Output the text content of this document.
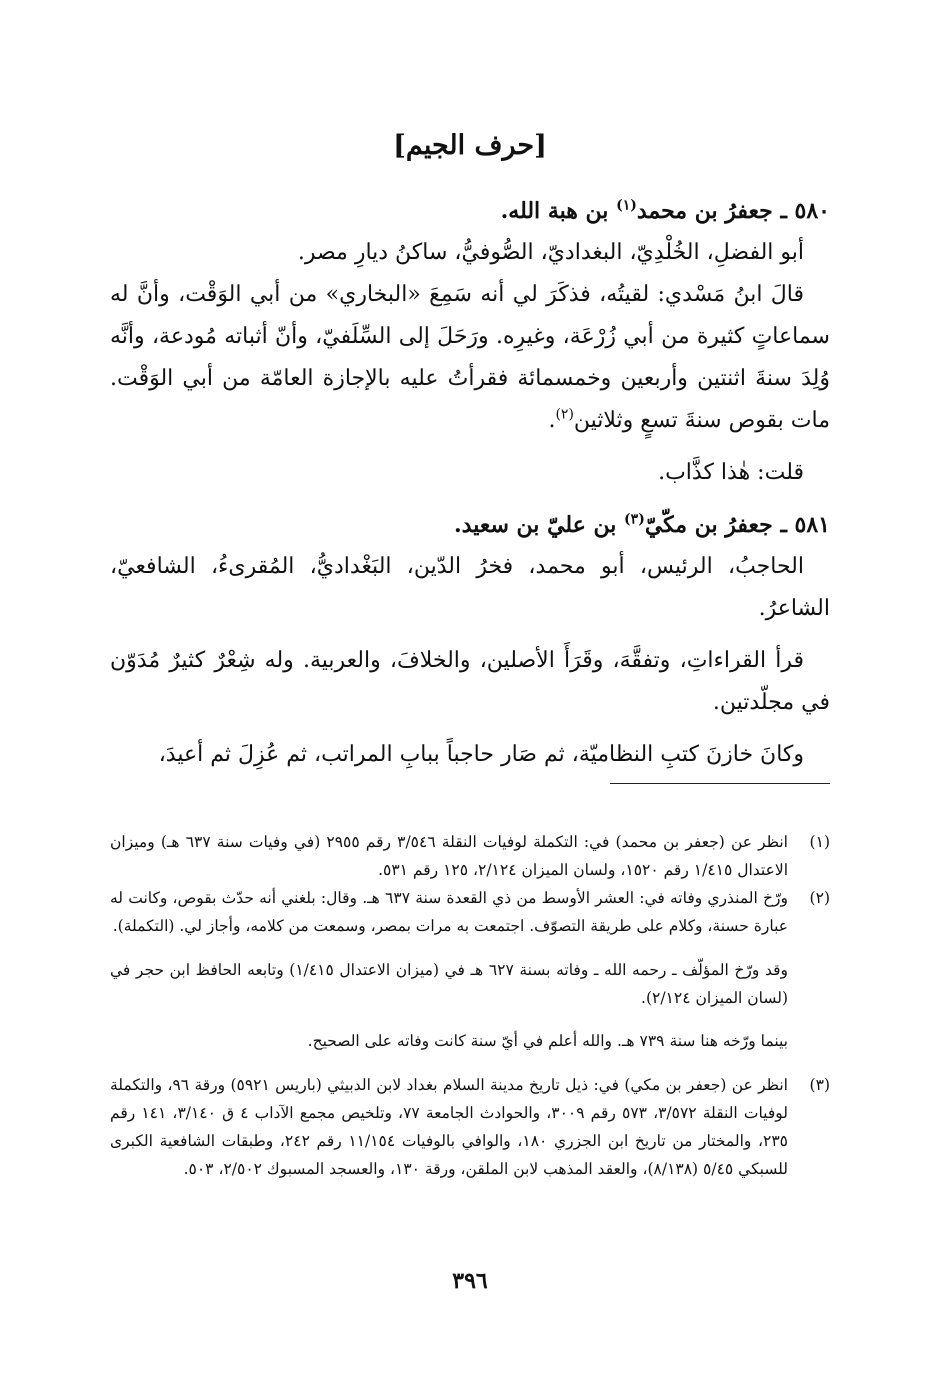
[حرف الجيم]

٥٨٠ ـ جعفرُ بن محمد$^{(١)}$ بن هبة الله.

أبو الفضلِ، الخُلْدِيّ، البغداديّ، الصُّوفيُّ، ساكنُ ديارِ مصر.

قالَ ابنُ مَسْدي: لقيتُه، فذكَرَ لي أنه سَمِعَ «البخاري» من أبي الوَقْت، وأنَّ له سماعاتٍ كثيرة من أبي زُرْعَة، وغيرِه. ورَحَلَ إلى السِّلَفيّ، وأنّ أثباته مُودعة، وأنَّه وُلِدَ سنةَ اثنتين وأربعين وخمسمائة فقرأتُ عليه بالإجازة العامّة من أبي الوَقْت. مات بقوص سنةَ تسعٍ وثلاثين$^{(٢)}$.

قلت: هٰذا كذَّاب.

٥٨١ ـ جعفرُ بن مكّيّ$^{(٣)}$ بن عليّ بن سعيد.

الحاجبُ، الرئيس، أبو محمد، فخرُ الدّين، البَغْداديُّ، المُقرىءُ، الشافعيّ، الشاعرُ.

قرأ القراءاتِ، وتفقَّهَ، وقَرَأَ الأصلين، والخلافَ، والعربية. وله شِعْرٌ كثيرٌ مُدَوّن في مجلّدتين.

وكانَ خازنَ كتبِ النظاميّة، ثم صَار حاجباً ببابِ المراتب، ثم عُزِلَ ثم أعيدَ،

(١)

انظر عن (جعفر بن محمد) في: التكملة لوفيات النقلة ٣/٥٤٦ رقم ٢٩٥٥ (في وفيات سنة ٦٣٧ هـ) وميزان الاعتدال ١/٤١٥ رقم ١٥٢٠، ولسان الميزان ٢/١٢٤، ١٢٥ رقم ٥٣١.

(٢)

ورّخ المنذري وفاته في: العشر الأوسط من ذي القعدة سنة ٦٣٧ هـ. وقال: بلغني أنه حدّث بقوص، وكانت له عبارة حسنة، وكلام على طريقة التصوّف. اجتمعت به مرات بمصر، وسمعت من كلامه، وأجاز لي. (التكملة).

وقد ورّخ المؤلّف ـ رحمه الله ـ وفاته بسنة ٦٢٧ هـ في (ميزان الاعتدال ١/٤١٥) وتابعه الحافظ ابن حجر في (لسان الميزان ٢/١٢٤).

بينما ورّخه هنا سنة ٧٣٩ هـ. والله أعلم في أيّ سنة كانت وفاته على الصحيح.

(٣)

انظر عن (جعفر بن مكي) في: ذيل تاريخ مدينة السلام بغداد لابن الدبيثي (باريس ٥٩٢١) ورقة ٩٦، والتكملة لوفيات النقلة ٣/٥٧٢، ٥٧٣ رقم ٣٠٠٩، والحوادث الجامعة ٧٧، وتلخيص مجمع الآداب ٤ ق ٣/١٤٠، ١٤١ رقم ٢٣٥، والمختار من تاريخ ابن الجزري ١٨٠، والوافي بالوفيات ١١/١٥٤ رقم ٢٤٢، وطبقات الشافعية الكبرى للسبكي ٥/٤٥ (٨/١٣٨)، والعقد المذهب لابن الملقن، ورقة ١٣٠، والعسجد المسبوك ٢/٥٠٢، ٥٠٣.

٣٩٦
